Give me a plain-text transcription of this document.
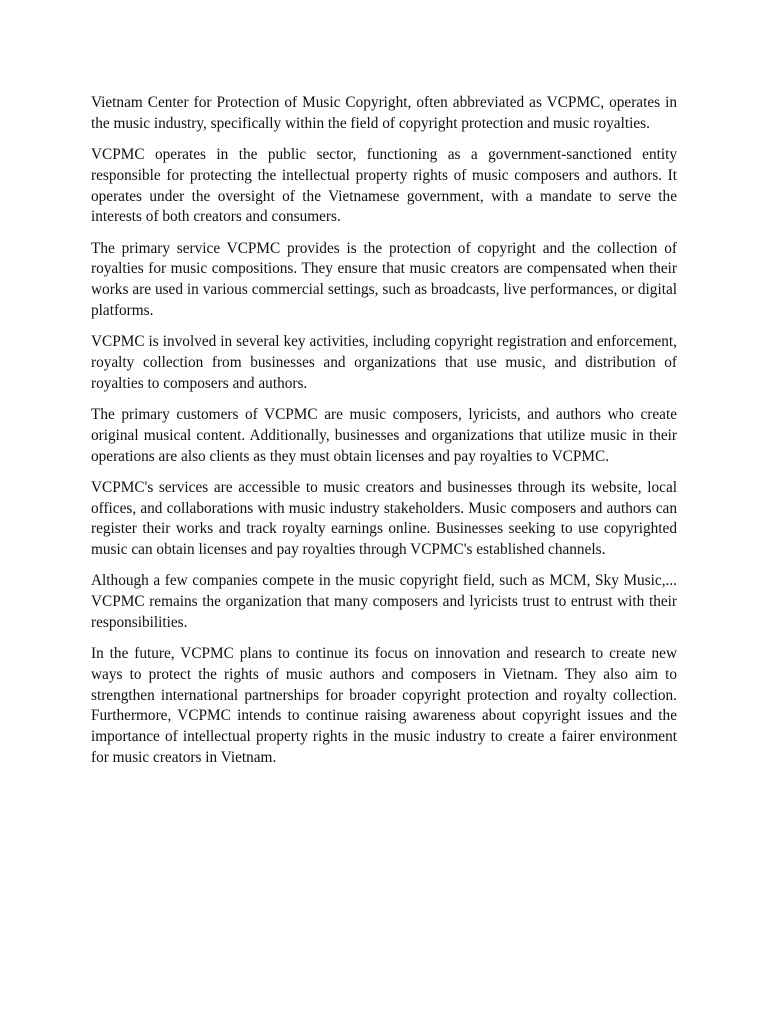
Vietnam Center for Protection of Music Copyright, often abbreviated as VCPMC, operates in the music industry, specifically within the field of copyright protection and music royalties.

VCPMC operates in the public sector, functioning as a government-sanctioned entity responsible for protecting the intellectual property rights of music composers and authors. It operates under the oversight of the Vietnamese government, with a mandate to serve the interests of both creators and consumers.

The primary service VCPMC provides is the protection of copyright and the collection of royalties for music compositions. They ensure that music creators are compensated when their works are used in various commercial settings, such as broadcasts, live performances, or digital platforms.

VCPMC is involved in several key activities, including copyright registration and enforcement, royalty collection from businesses and organizations that use music, and distribution of royalties to composers and authors.

The primary customers of VCPMC are music composers, lyricists, and authors who create original musical content. Additionally, businesses and organizations that utilize music in their operations are also clients as they must obtain licenses and pay royalties to VCPMC.

VCPMC's services are accessible to music creators and businesses through its website, local offices, and collaborations with music industry stakeholders. Music composers and authors can register their works and track royalty earnings online. Businesses seeking to use copyrighted music can obtain licenses and pay royalties through VCPMC's established channels.

Although a few companies compete in the music copyright field, such as MCM, Sky Music,... VCPMC remains the organization that many composers and lyricists trust to entrust with their responsibilities.

In the future, VCPMC plans to continue its focus on innovation and research to create new ways to protect the rights of music authors and composers in Vietnam. They also aim to strengthen international partnerships for broader copyright protection and royalty collection. Furthermore, VCPMC intends to continue raising awareness about copyright issues and the importance of intellectual property rights in the music industry to create a fairer environment for music creators in Vietnam.
